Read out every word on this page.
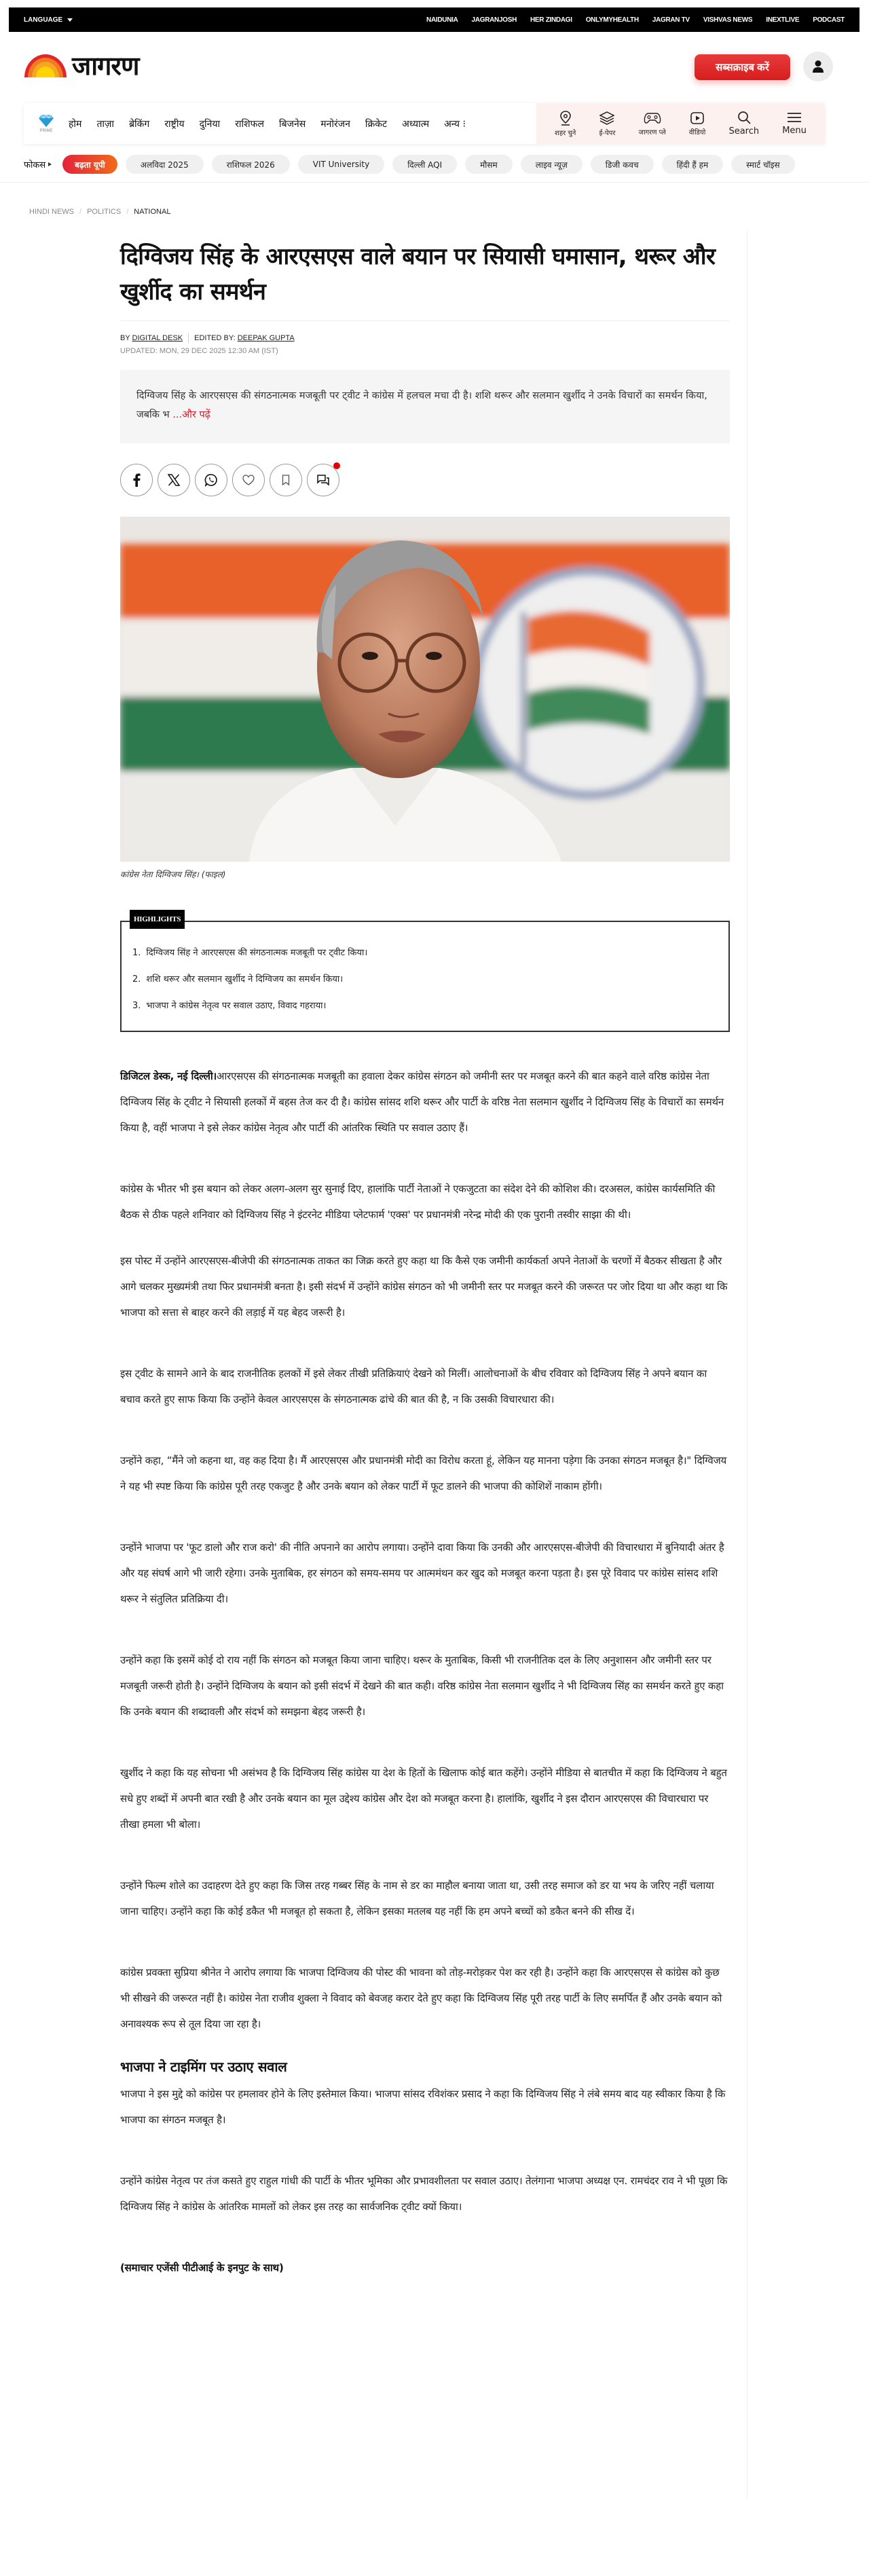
LANGUAGE	NAIDUNIA JAGRANJOSH HER ZINDAGI ONLYMYHEALTH JAGRAN TV VISHVAS NEWS INEXTLIVE PODCAST
जागरण	सब्सक्राइब करें
PRIME
होम ताज़ा ब्रेकिंग राष्ट्रीय दुनिया राशिफल बिजनेस मनोरंजन क्रिकेट अध्यात्म अन्य ⁝
शहर चुने	ई-पेपर	जागरण प्ले	वीडियो	Search	Menu
फोकस	बढ़ता यूपी	अलविदा 2025	राशिफल 2026	VIT University	दिल्ली AQI	मौसम	लाइव न्यूज़	डिजी कवच	हिंदी हैं हम	स्मार्ट चॉइस
HINDI NEWS / POLITICS / NATIONAL
दिग्विजय सिंह के आरएसएस वाले बयान पर सियासी घमासान, थरूर और खुर्शीद का समर्थन
BY DIGITAL DESK EDITED BY: DEEPAK GUPTA
UPDATED: MON, 29 DEC 2025 12:30 AM (IST)
दिग्विजय सिंह के आरएसएस की संगठनात्मक मजबूती पर ट्वीट ने कांग्रेस में हलचल मचा दी है। शशि थरूर और सलमान खुर्शीद ने उनके विचारों का समर्थन किया, जबकि भ ...और पढ़ें
कांग्रेस नेता दिग्विजय सिंह। (फाइल)
HIGHLIGHTS
1. दिग्विजय सिंह ने आरएसएस की संगठनात्मक मजबूती पर ट्वीट किया।
2. शशि थरूर और सलमान खुर्शीद ने दिग्विजय का समर्थन किया।
3. भाजपा ने कांग्रेस नेतृत्व पर सवाल उठाए, विवाद गहराया।

डिजिटल डेस्क, नई दिल्ली।आरएसएस की संगठनात्मक मजबूती का हवाला देकर कांग्रेस संगठन को जमीनी स्तर पर मजबूत करने की बात कहने वाले वरिष्ठ कांग्रेस नेता दिग्विजय सिंह के ट्वीट ने सियासी हलकों में बहस तेज कर दी है। कांग्रेस सांसद शशि थरूर और पार्टी के वरिष्ठ नेता सलमान खुर्शीद ने दिग्विजय सिंह के विचारों का समर्थन किया है, वहीं भाजपा ने इसे लेकर कांग्रेस नेतृत्व और पार्टी की आंतरिक स्थिति पर सवाल उठाए हैं।

कांग्रेस के भीतर भी इस बयान को लेकर अलग-अलग सुर सुनाई दिए, हालांकि पार्टी नेताओं ने एकजुटता का संदेश देने की कोशिश की। दरअसल, कांग्रेस कार्यसमिति की बैठक से ठीक पहले शनिवार को दिग्विजय सिंह ने इंटरनेट मीडिया प्लेटफार्म 'एक्स' पर प्रधानमंत्री नरेन्द्र मोदी की एक पुरानी तस्वीर साझा की थी।

इस पोस्ट में उन्होंने आरएसएस-बीजेपी की संगठनात्मक ताकत का जिक्र करते हुए कहा था कि कैसे एक जमीनी कार्यकर्ता अपने नेताओं के चरणों में बैठकर सीखता है और आगे चलकर मुख्यमंत्री तथा फिर प्रधानमंत्री बनता है। इसी संदर्भ में उन्होंने कांग्रेस संगठन को भी जमीनी स्तर पर मजबूत करने की जरूरत पर जोर दिया था और कहा था कि भाजपा को सत्ता से बाहर करने की लड़ाई में यह बेहद जरूरी है।

इस ट्वीट के सामने आने के बाद राजनीतिक हलकों में इसे लेकर तीखी प्रतिक्रियाएं देखने को मिलीं। आलोचनाओं के बीच रविवार को दिग्विजय सिंह ने अपने बयान का बचाव करते हुए साफ किया कि उन्होंने केवल आरएसएस के संगठनात्मक ढांचे की बात की है, न कि उसकी विचारधारा की।

उन्होंने कहा, “मैंने जो कहना था, वह कह दिया है। मैं आरएसएस और प्रधानमंत्री मोदी का विरोध करता हूं, लेकिन यह मानना पड़ेगा कि उनका संगठन मजबूत है।" दिग्विजय ने यह भी स्पष्ट किया कि कांग्रेस पूरी तरह एकजुट है और उनके बयान को लेकर पार्टी में फूट डालने की भाजपा की कोशिशें नाकाम होंगी।

उन्होंने भाजपा पर 'फूट डालो और राज करो' की नीति अपनाने का आरोप लगाया। उन्होंने दावा किया कि उनकी और आरएसएस-बीजेपी की विचारधारा में बुनियादी अंतर है और यह संघर्ष आगे भी जारी रहेगा। उनके मुताबिक, हर संगठन को समय-समय पर आत्ममंथन कर खुद को मजबूत करना पड़ता है। इस पूरे विवाद पर कांग्रेस सांसद शशि थरूर ने संतुलित प्रतिक्रिया दी।

उन्होंने कहा कि इसमें कोई दो राय नहीं कि संगठन को मजबूत किया जाना चाहिए। थरूर के मुताबिक, किसी भी राजनीतिक दल के लिए अनुशासन और जमीनी स्तर पर मजबूती जरूरी होती है। उन्होंने दिग्विजय के बयान को इसी संदर्भ में देखने की बात कही। वरिष्ठ कांग्रेस नेता सलमान खुर्शीद ने भी दिग्विजय सिंह का समर्थन करते हुए कहा कि उनके बयान की शब्दावली और संदर्भ को समझना बेहद जरूरी है।

खुर्शीद ने कहा कि यह सोचना भी असंभव है कि दिग्विजय सिंह कांग्रेस या देश के हितों के खिलाफ कोई बात कहेंगे। उन्होंने मीडिया से बातचीत में कहा कि दिग्विजय ने बहुत सधे हुए शब्दों में अपनी बात रखी है और उनके बयान का मूल उद्देश्य कांग्रेस और देश को मजबूत करना है। हालांकि, खुर्शीद ने इस दौरान आरएसएस की विचारधारा पर तीखा हमला भी बोला।

उन्होंने फिल्म शोले का उदाहरण देते हुए कहा कि जिस तरह गब्बर सिंह के नाम से डर का माहौल बनाया जाता था, उसी तरह समाज को डर या भय के जरिए नहीं चलाया जाना चाहिए। उन्होंने कहा कि कोई डकैत भी मजबूत हो सकता है, लेकिन इसका मतलब यह नहीं कि हम अपने बच्चों को डकैत बनने की सीख दें।

कांग्रेस प्रवक्ता सुप्रिया श्रीनेत ने आरोप लगाया कि भाजपा दिग्विजय की पोस्ट की भावना को तोड़-मरोड़कर पेश कर रही है। उन्होंने कहा कि आरएसएस से कांग्रेस को कुछ भी सीखने की जरूरत नहीं है। कांग्रेस नेता राजीव शुक्ला ने विवाद को बेवजह करार देते हुए कहा कि दिग्विजय सिंह पूरी तरह पार्टी के लिए समर्पित हैं और उनके बयान को अनावश्यक रूप से तूल दिया जा रहा है।

भाजपा ने टाइमिंग पर उठाए सवाल

भाजपा ने इस मुद्दे को कांग्रेस पर हमलावर होने के लिए इस्तेमाल किया। भाजपा सांसद रविशंकर प्रसाद ने कहा कि दिग्विजय सिंह ने लंबे समय बाद यह स्वीकार किया है कि भाजपा का संगठन मजबूत है।

उन्होंने कांग्रेस नेतृत्व पर तंज कसते हुए राहुल गांधी की पार्टी के भीतर भूमिका और प्रभावशीलता पर सवाल उठाए। तेलंगाना भाजपा अध्यक्ष एन. रामचंदर राव ने भी पूछा कि दिग्विजय सिंह ने कांग्रेस के आंतरिक मामलों को लेकर इस तरह का सार्वजनिक ट्वीट क्यों किया।

(समाचार एजेंसी पीटीआई के इनपुट के साथ)
